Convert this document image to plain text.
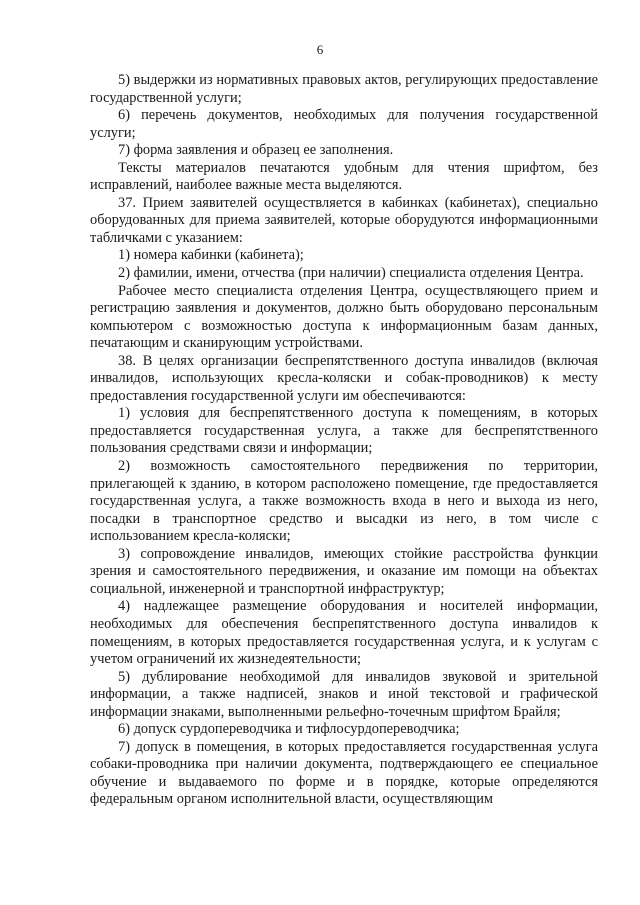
6

5) выдержки из нормативных правовых актов, регулирующих предоставление государственной услуги;

6) перечень документов, необходимых для получения государственной услуги;

7) форма заявления и образец ее заполнения.

Тексты материалов печатаются удобным для чтения шрифтом, без исправлений, наиболее важные места выделяются.

37. Прием заявителей осуществляется в кабинках (кабинетах), специально оборудованных для приема заявителей, которые оборудуются информационными табличками с указанием:

1) номера кабинки (кабинета);

2) фамилии, имени, отчества (при наличии) специалиста отделения Центра.

Рабочее место специалиста отделения Центра, осуществляющего прием и регистрацию заявления и документов, должно быть оборудовано персональным компьютером с возможностью доступа к информационным базам данных, печатающим и сканирующим устройствами.

38. В целях организации беспрепятственного доступа инвалидов (включая инвалидов, использующих кресла-коляски и собак-проводников) к месту предоставления государственной услуги им обеспечиваются:

1) условия для беспрепятственного доступа к помещениям, в которых предоставляется государственная услуга, а также для беспрепятственного пользования средствами связи и информации;

2) возможность самостоятельного передвижения по территории, прилегающей к зданию, в котором расположено помещение, где предоставляется государственная услуга, а также возможность входа в него и выхода из него, посадки в транспортное средство и высадки из него, в том числе с использованием кресла-коляски;

3) сопровождение инвалидов, имеющих стойкие расстройства функции зрения и самостоятельного передвижения, и оказание им помощи на объектах социальной, инженерной и транспортной инфраструктур;

4) надлежащее размещение оборудования и носителей информации, необходимых для обеспечения беспрепятственного доступа инвалидов к помещениям, в которых предоставляется государственная услуга, и к услугам с учетом ограничений их жизнедеятельности;

5) дублирование необходимой для инвалидов звуковой и зрительной информации, а также надписей, знаков и иной текстовой и графической информации знаками, выполненными рельефно-точечным шрифтом Брайля;

6) допуск сурдопереводчика и тифлосурдопереводчика;

7) допуск в помещения, в которых предоставляется государственная услуга собаки-проводника при наличии документа, подтверждающего ее специальное обучение и выдаваемого по форме и в порядке, которые определяются федеральным органом исполнительной власти, осуществляющим
